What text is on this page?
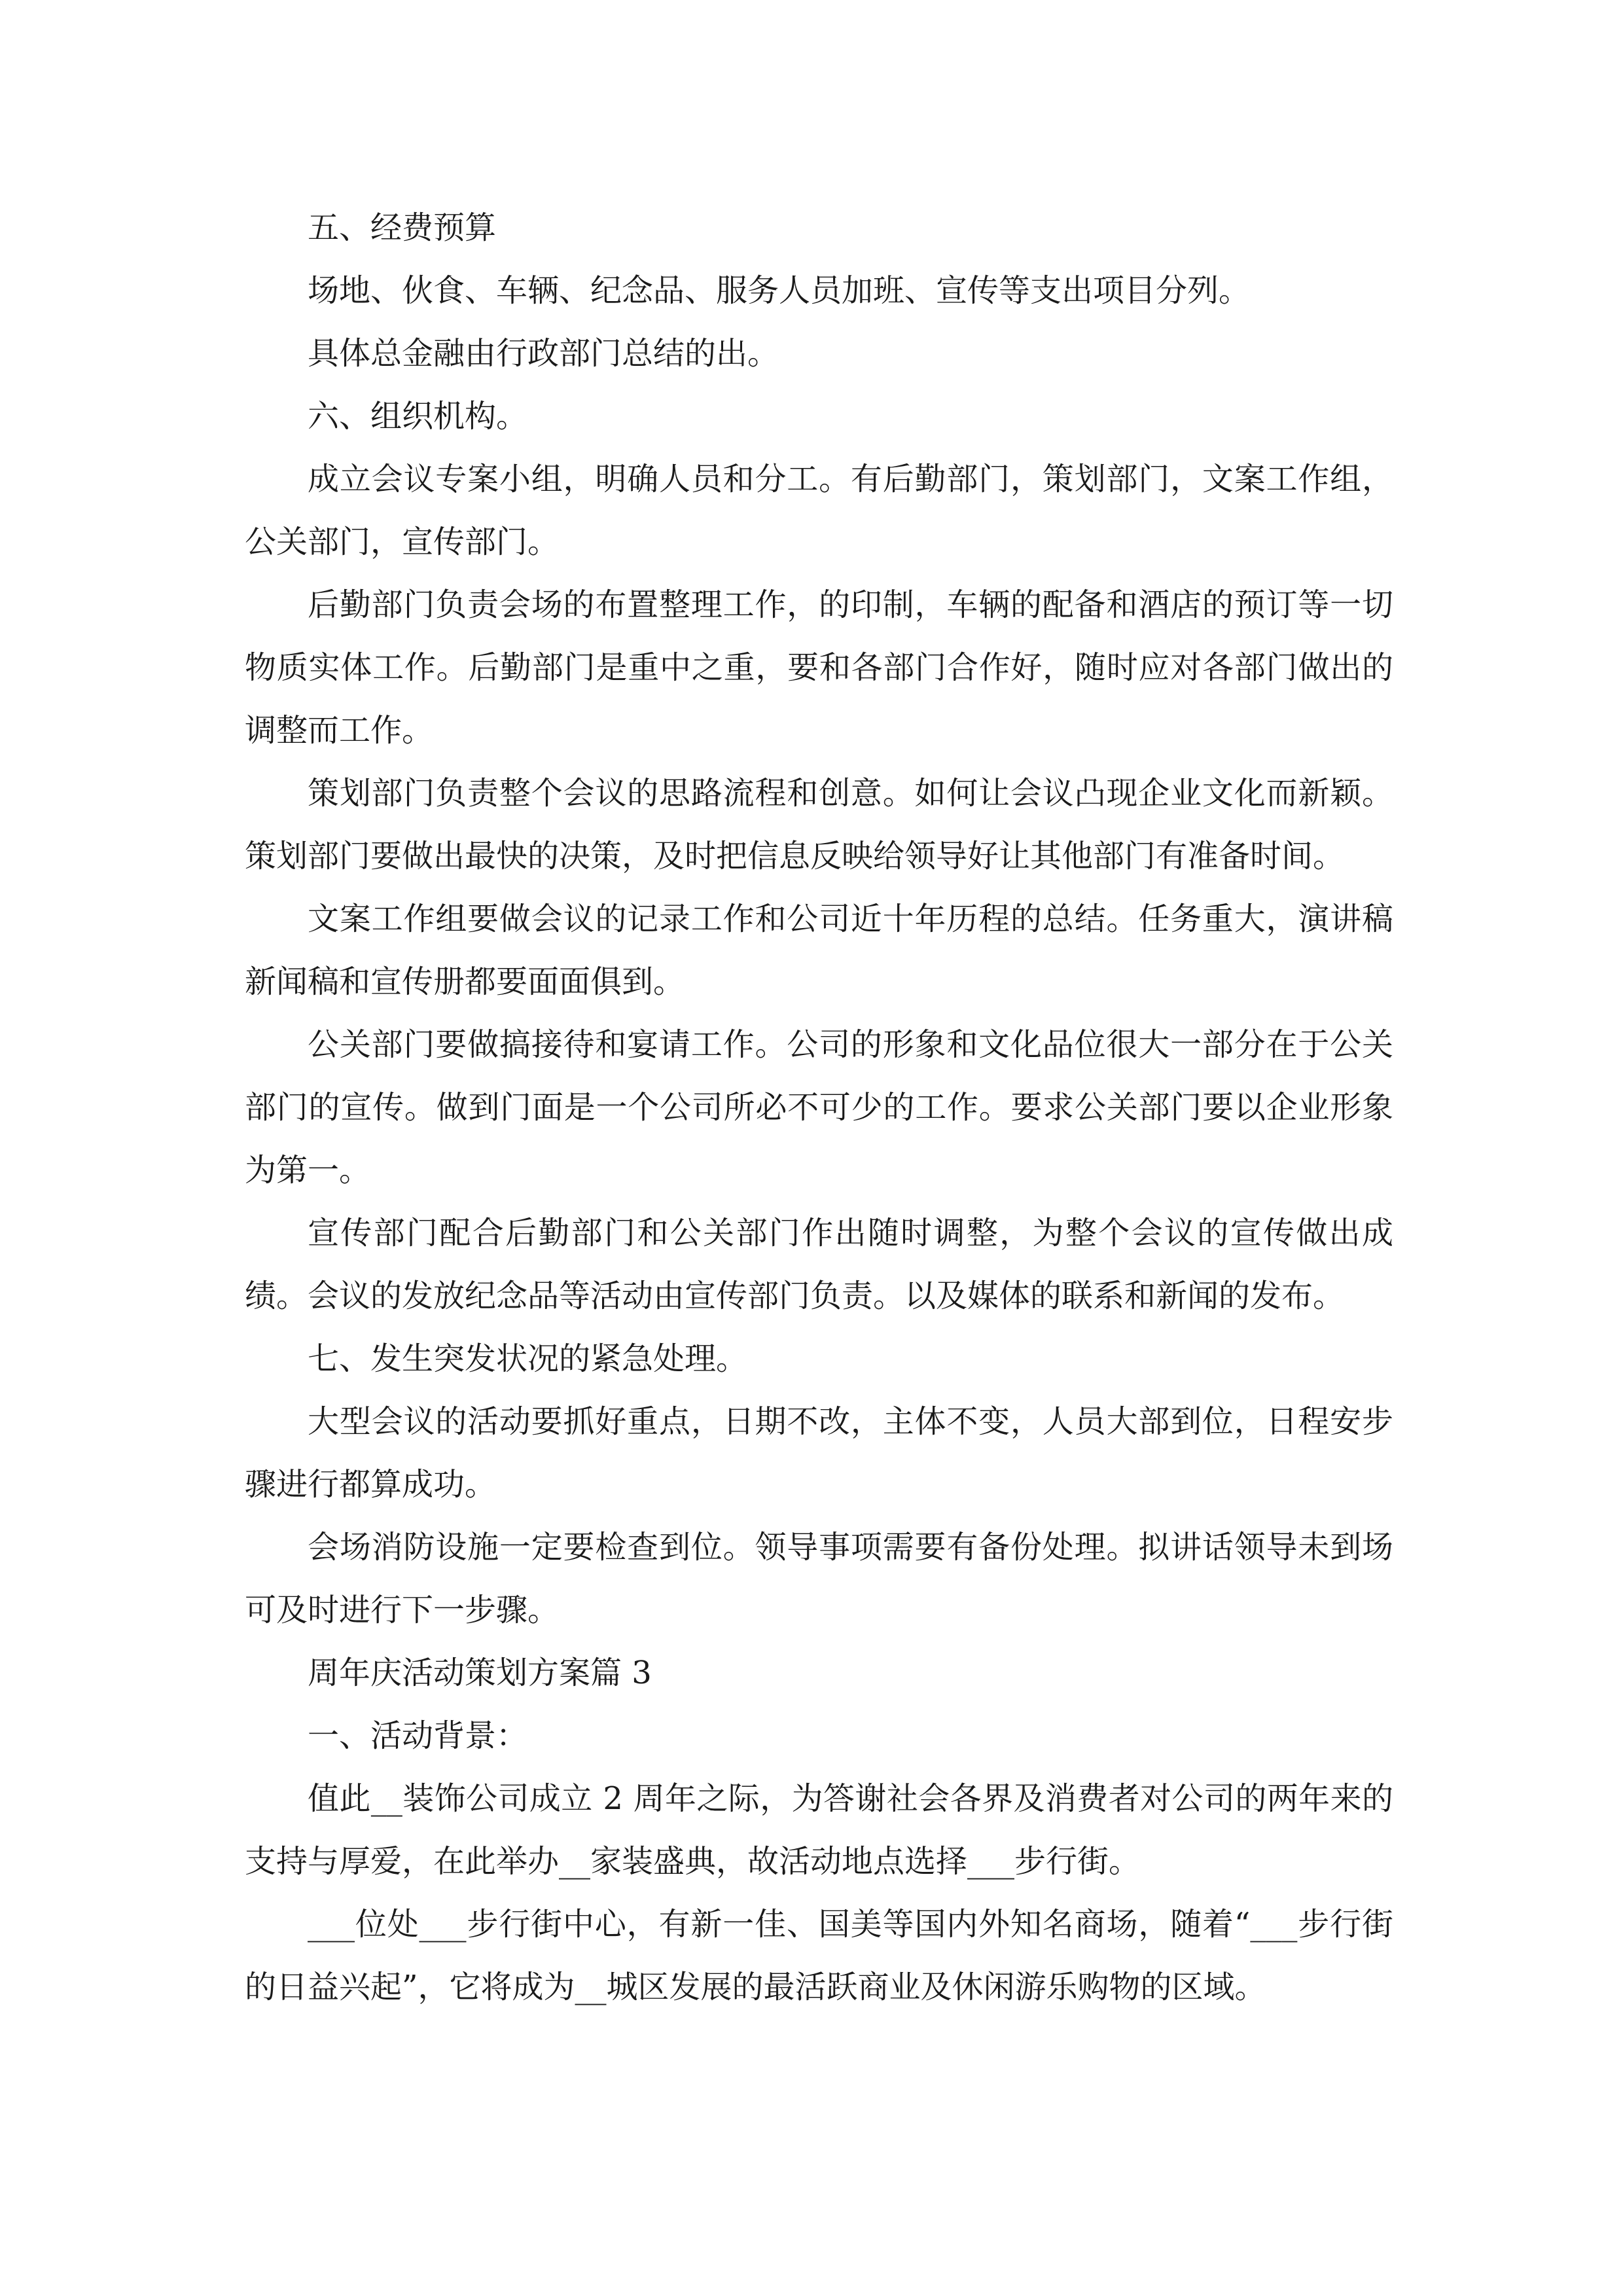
五、经费预算

场地、伙食、车辆、纪念品、服务人员加班、宣传等支出项目分列。

具体总金融由行政部门总结的出。

六、组织机构。

成立会议专案小组，明确人员和分工。有后勤部门，策划部门，文案工作组，公关部门，宣传部门。

后勤部门负责会场的布置整理工作，的印制，车辆的配备和酒店的预订等一切物质实体工作。后勤部门是重中之重，要和各部门合作好，随时应对各部门做出的调整而工作。

策划部门负责整个会议的思路流程和创意。如何让会议凸现企业文化而新颖。策划部门要做出最快的决策，及时把信息反映给领导好让其他部门有准备时间。

文案工作组要做会议的记录工作和公司近十年历程的总结。任务重大，演讲稿新闻稿和宣传册都要面面俱到。

公关部门要做搞接待和宴请工作。公司的形象和文化品位很大一部分在于公关部门的宣传。做到门面是一个公司所必不可少的工作。要求公关部门要以企业形象为第一。

宣传部门配合后勤部门和公关部门作出随时调整，为整个会议的宣传做出成绩。会议的发放纪念品等活动由宣传部门负责。以及媒体的联系和新闻的发布。

七、发生突发状况的紧急处理。

大型会议的活动要抓好重点，日期不改，主体不变，人员大部到位，日程安步骤进行都算成功。

会场消防设施一定要检查到位。领导事项需要有备份处理。拟讲话领导未到场可及时进行下一步骤。

周年庆活动策划方案篇 3

一、活动背景：

值此__装饰公司成立 2 周年之际，为答谢社会各界及消费者对公司的两年来的支持与厚爱，在此举办__家装盛典，故活动地点选择___步行街。

___位处___步行街中心，有新一佳、国美等国内外知名商场，随着“___步行街的日益兴起”，它将成为__城区发展的最活跃商业及休闲游乐购物的区域。
